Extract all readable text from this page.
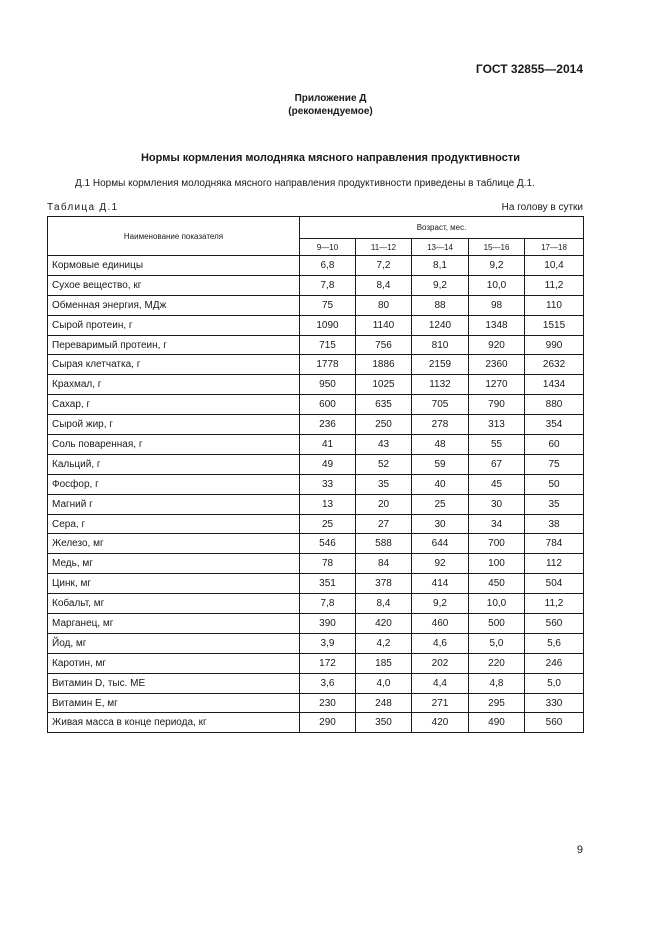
ГОСТ 32855—2014
Приложение Д
(рекомендуемое)
Нормы кормления молодняка мясного направления продуктивности
Д.1 Нормы кормления молодняка мясного направления продуктивности приведены в таблице Д.1.
Таблица Д.1	На голову в сутки
Наименование показателя	Возраст, мес.				
	9—10	11—12	13—14	15—16	17—18
Кормовые единицы	6,8	7,2	8,1	9,2	10,4
Сухое вещество, кг	7,8	8,4	9,2	10,0	11,2
Обменная энергия, МДж	75	80	88	98	110
Сырой протеин, г	1090	1140	1240	1348	1515
Переваримый протеин, г	715	756	810	920	990
Сырая клетчатка, г	1778	1886	2159	2360	2632
Крахмал, г	950	1025	1132	1270	1434
Сахар, г	600	635	705	790	880
Сырой жир, г	236	250	278	313	354
Соль поваренная, г	41	43	48	55	60
Кальций, г	49	52	59	67	75
Фосфор, г	33	35	40	45	50
Магний г	13	20	25	30	35
Сера, г	25	27	30	34	38
Железо, мг	546	588	644	700	784
Медь, мг	78	84	92	100	112
Цинк, мг	351	378	414	450	504
Кобальт, мг	7,8	8,4	9,2	10,0	11,2
Марганец, мг	390	420	460	500	560
Йод, мг	3,9	4,2	4,6	5,0	5,6
Каротин, мг	172	185	202	220	246
Витамин D, тыс. МЕ	3,6	4,0	4,4	4,8	5,0
Витамин Е, мг	230	248	271	295	330
Живая масса в конце периода, кг	290	350	420	490	560
9
